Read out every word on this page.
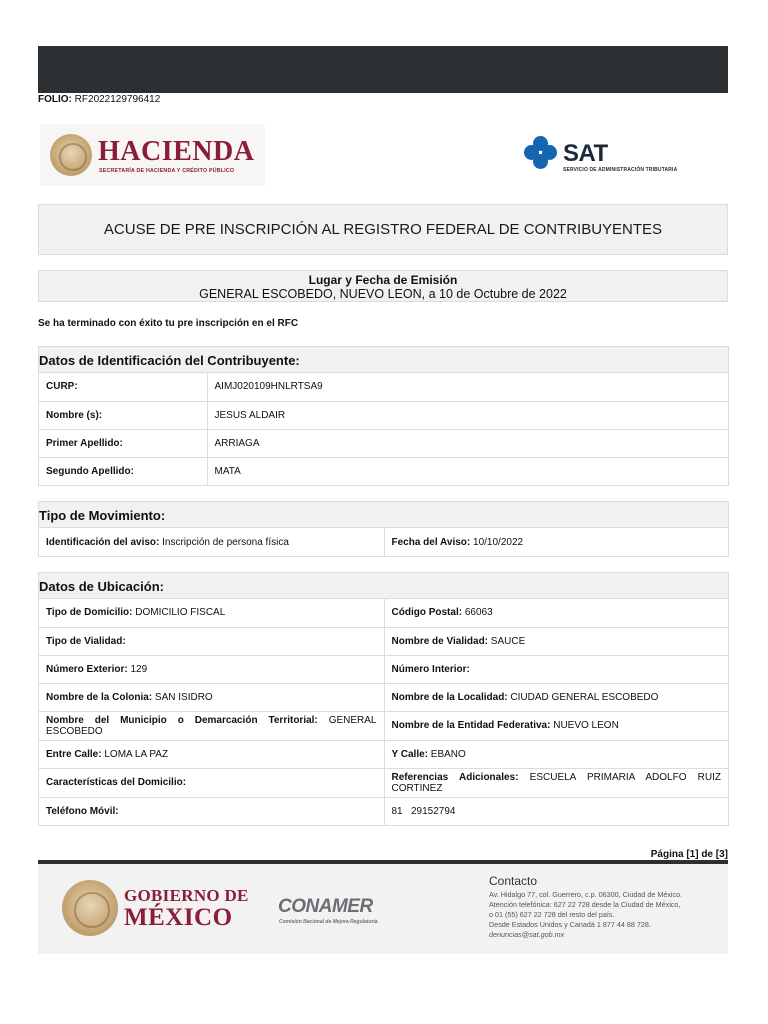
FOLIO: RF2022129796412
HACIENDA
SECRETARÍA DE HACIENDA Y CRÉDITO PÚBLICO
SAT
SERVICIO DE ADMINISTRACIÓN TRIBUTARIA
ACUSE DE PRE INSCRIPCIÓN AL REGISTRO FEDERAL DE CONTRIBUYENTES
Lugar y Fecha de Emisión
GENERAL ESCOBEDO, NUEVO LEON, a 10 de Octubre de 2022
Se ha terminado con éxito tu pre inscripción en el RFC
Datos de Identificación del Contribuyente:
CURP:	AIMJ020109HNLRTSA9
Nombre (s):	JESUS ALDAIR
Primer Apellido:	ARRIAGA
Segundo Apellido:	MATA
Tipo de Movimiento:
Identificación del aviso: Inscripción de persona física	Fecha del Aviso: 10/10/2022
Datos de Ubicación:
Tipo de Domicilio: DOMICILIO FISCAL	Código Postal: 66063
Tipo de Vialidad:	Nombre de Vialidad: SAUCE
Número Exterior: 129	Número Interior:
Nombre de la Colonia: SAN ISIDRO	Nombre de la Localidad: CIUDAD GENERAL ESCOBEDO
Nombre del Municipio o Demarcación Territorial: GENERAL ESCOBEDO	Nombre de la Entidad Federativa: NUEVO LEON
Entre Calle: LOMA LA PAZ	Y Calle: EBANO
Características del Domicilio:	Referencias Adicionales: ESCUELA PRIMARIA ADOLFO RUIZ CORTINEZ
Teléfono Móvil:	81   29152794
Página [1] de [3]
GOBIERNO DE
MÉXICO CONAMER
Comisión Nacional de Mejora Regulatoria
Contacto
Av. Hidalgo 77, col. Guerrero, c.p. 06300, Ciudad de México.
Atención telefónica: 627 22 728 desde la Ciudad de México,
o 01 (55) 627 22 728 del resto del país.
Desde Estados Unidos y Canadá 1 877 44 88 728.
denuncias@sat.gob.mx
